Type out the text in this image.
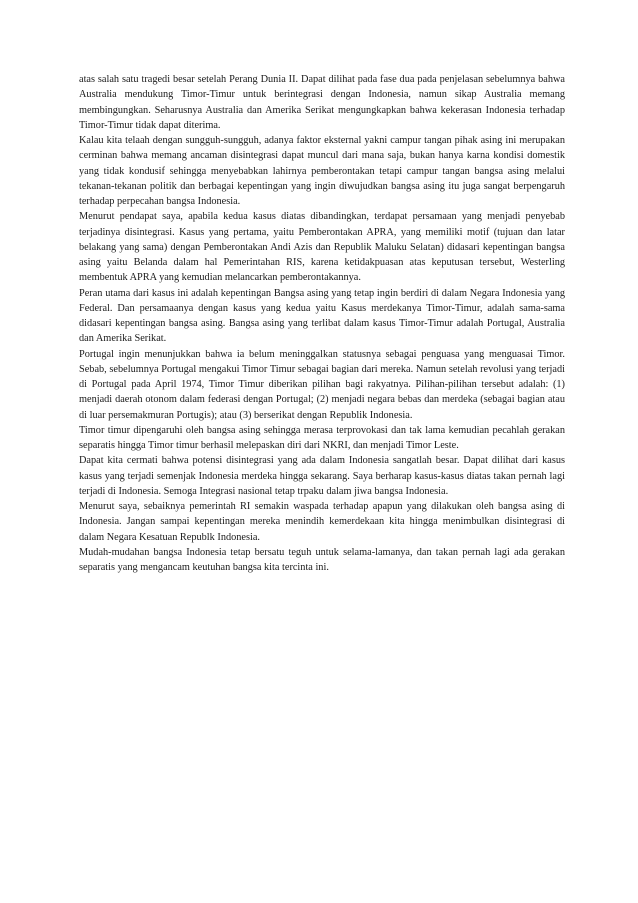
atas salah satu tragedi besar setelah Perang Dunia II. Dapat dilihat pada fase dua pada penjelasan sebelumnya bahwa Australia mendukung Timor-Timur untuk berintegrasi dengan Indonesia, namun sikap Australia memang membingungkan. Seharusnya Australia dan Amerika Serikat mengungkapkan bahwa kekerasan Indonesia terhadap Timor-Timur tidak dapat diterima.

Kalau kita telaah dengan sungguh-sungguh, adanya faktor eksternal yakni campur tangan pihak asing ini merupakan cerminan bahwa memang ancaman disintegrasi dapat muncul dari mana saja, bukan hanya karna kondisi domestik yang tidak kondusif sehingga menyebabkan lahirnya pemberontakan tetapi campur tangan bangsa asing melalui tekanan-tekanan politik dan berbagai kepentingan yang ingin diwujudkan bangsa asing itu juga sangat berpengaruh terhadap perpecahan bangsa Indonesia.

Menurut pendapat saya, apabila kedua kasus diatas dibandingkan, terdapat persamaan yang menjadi penyebab terjadinya disintegrasi. Kasus yang pertama, yaitu Pemberontakan APRA, yang memiliki motif (tujuan dan latar belakang yang sama) dengan Pemberontakan Andi Azis dan Republik Maluku Selatan) didasari kepentingan bangsa asing yaitu Belanda dalam hal Pemerintahan RIS, karena ketidakpuasan atas keputusan tersebut, Westerling membentuk APRA yang kemudian melancarkan pemberontakannya.

Peran utama dari kasus ini adalah kepentingan Bangsa asing yang tetap ingin berdiri di dalam Negara Indonesia yang Federal. Dan persamaanya dengan kasus yang kedua yaitu Kasus merdekanya Timor-Timur, adalah sama-sama didasari kepentingan bangsa asing. Bangsa asing yang terlibat dalam kasus Timor-Timur adalah Portugal, Australia dan Amerika Serikat.

Portugal ingin menunjukkan bahwa ia belum meninggalkan statusnya sebagai penguasa yang menguasai Timor. Sebab, sebelumnya Portugal mengakui Timor Timur sebagai bagian dari mereka. Namun setelah revolusi yang terjadi di Portugal pada April 1974, Timor Timur diberikan pilihan bagi rakyatnya. Pilihan-pilihan tersebut adalah: (1) menjadi daerah otonom dalam federasi dengan Portugal; (2) menjadi negara bebas dan merdeka (sebagai bagian atau di luar persemakmuran Portugis); atau (3) berserikat dengan Republik Indonesia.

Timor timur dipengaruhi oleh bangsa asing sehingga merasa terprovokasi dan tak lama kemudian pecahlah gerakan separatis hingga Timor timur berhasil melepaskan diri dari NKRI, dan menjadi Timor Leste.

Dapat kita cermati bahwa potensi disintegrasi yang ada dalam Indonesia sangatlah besar. Dapat dilihat dari kasus kasus yang terjadi semenjak Indonesia merdeka hingga sekarang. Saya berharap kasus-kasus diatas takan pernah lagi terjadi di Indonesia. Semoga Integrasi nasional tetap trpaku dalam jiwa bangsa Indonesia.

Menurut saya, sebaiknya pemerintah RI semakin waspada terhadap apapun yang dilakukan oleh bangsa asing di Indonesia. Jangan sampai kepentingan mereka menindih kemerdekaan kita hingga menimbulkan disintegrasi di dalam Negara Kesatuan Republk Indonesia.

Mudah-mudahan bangsa Indonesia tetap bersatu teguh untuk selama-lamanya, dan takan pernah lagi ada gerakan separatis yang mengancam keutuhan bangsa kita tercinta ini.
